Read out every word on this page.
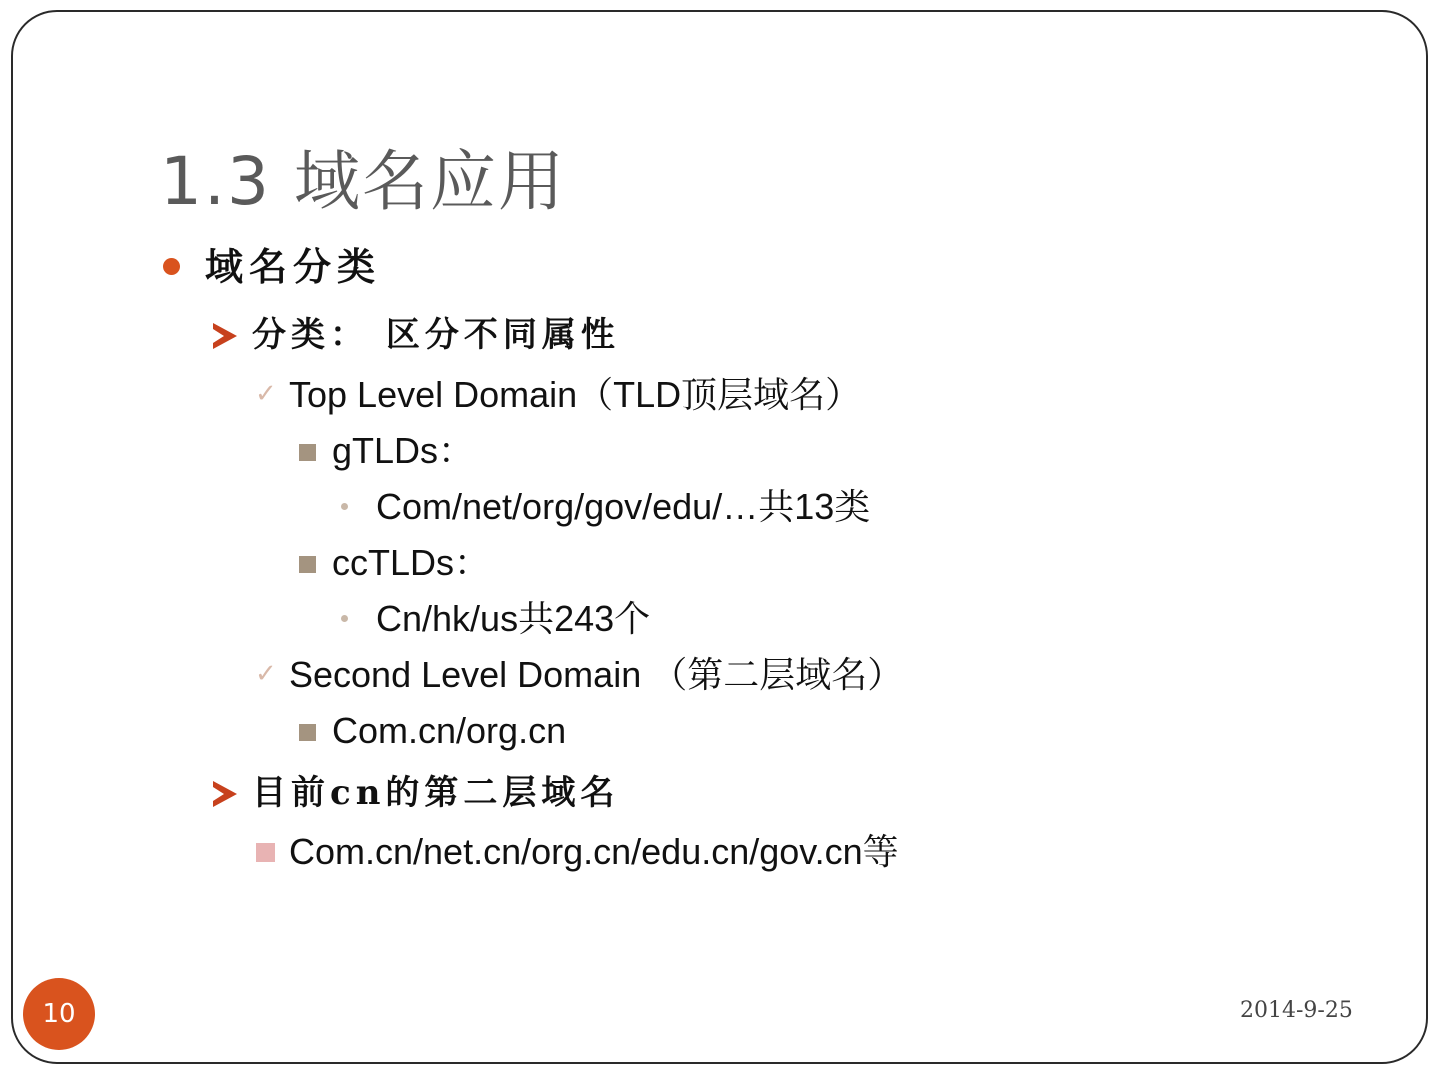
1.3 域名应用
域名分类
分类： 区分不同属性
✓ Top Level Domain（TLD顶层域名）
gTLDs：
Com/net/org/gov/edu/…共13类
ccTLDs：
Cn/hk/us共243个
✓ Second Level Domain （第二层域名）
Com.cn/org.cn
目前cn的第二层域名
Com.cn/net.cn/org.cn/edu.cn/gov.cn等
10	2014-9-25
